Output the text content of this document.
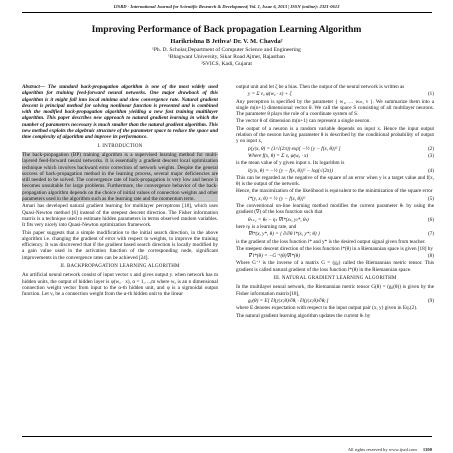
IJSRD - International Journal for Scientific Research & Development| Vol. 1, Issue 6, 2013 | ISSN (online): 2321-0613
Improving Performance of Back propagation Learning Algorithm
Harikrishna B Jethva¹ Dr. V. M. Chavda²
¹Ph. D. Scholar,Department of Computer Science and Engineering
¹Bhagwant University, Sikar Road Ajmer, Rajasthan
²SVICS, Kadi, Gujarat

Abstract— The standard back-propagation algorithm is one of the most widely used algorithm for training feed-forward neural networks. One major drawback of this algorithm is it might fall into local minima and slow convergence rate. Natural gradient descent is principal method for solving nonlinear function is presented and is combined with the modified back-propagation algorithm yielding a new fast training multilayer algorithm. This paper describes new approach to natural gradient learning in which the number of parameters necessary is much smaller than the natural gradient algorithm. This new method exploits the algebraic structure of the parameter space to reduce the space and time complexity of algorithm and improve its performance.

I. INTRODUCTION

The back-propagation (BP) training algorithm is a supervised learning method for multi-layered feed-forward neural networks. It is essentially a gradient descent local optimization technique which involves backward error correction of network weights. Despite the general success of back-propagation method in the learning process, several major deficiencies are still needed to be solved. The convergence rate of back-propagation is very low and hence it becomes unsuitable for large problems. Furthermore, the convergence behavior of the back-propagation algorithm depends on the choice of initial values of connection weights and other parameters used in the algorithm such as the learning rate and the momentum term.

Amari has developed natural gradient learning for multilayer perceptrons [18], which uses Quasi-Newton method [6] instead of the steepest descent direction. The Fisher information matrix is a technique used to estimate hidden parameters in terms observed random variables. It fits very nicely into Quasi-Newton optimization framework.

This paper suggests that a simple modification to the initial search direction, in the above algorithm i.e. changing the gradient of error with respect to weights, to improve the training efficiency. It was discovered that if the gradient based search direction is locally modified by a gain value used in the activation function of the corresponding node, significant improvements in the convergence rates can be achieved [24].

II. BACKPROPAGATION LEARNING ALGORITHM

An artificial neural network consist of input vector x and gives output y. when network has m hidden units, the output of hidden layer is φ(wₐ · x), α = 1,…,m where wₐ is an n dimensional connection weight vector from input to the α-th hidden unit, and φ is a sigmoidal output function. Let vₐ be a connection weight from the α-th hidden unit to the linear

output unit and let ζ be a bias. Then the output of the neural network is written as

y = Σ vₐ φ(wₐ · x) + ζ	(1)

Any perceptron is specified by the parameter { w₁, … wₘ, v }. We summarize them into a single m(n+1) dimensional vector θ. We call the space S consisting of all multilayer neurons. The parameter θ plays the role of a coordinate system of S.

The vector θ of dimension m(n+1) can represent a single neuron.

The output of a neuron is a random variable depends on input x. Hence the input output relation of the neuron having parameter θ is described by the conditional probability of output y on input x,

p(y|x, θ) = (1/√(2π)) exp[ −½ {y − f(x, θ)}² ]	(2)
Where f(x, θ) = Σ vₐ φ(wₐ · x)	(3)

is the mean value of y given input x. Its logarithm is

l(y|x, θ) = −½ {y − f(x, θ)}² − log(√(2π))	(4)

This can be regarded as the negative of the square of an error when y is a target value and f(x, θ) is the output of the network.

Hence, the maximization of the likelihood is equivalent to the minimization of the square error

l*(y, x, θ) = ½ {y − f(x, θ)}²	(5)

The conventional on-line learning method modifies the current parameter θₜ by using the gradient (∇) of the loss function such that

θₜ₊₁ = θₜ − ηₜ ∇l*(xₜ, yₜ*, θₜ)	(6)

here ηₜ is a learning rate, and

∇l*(x, y*, θ) = { ∂/∂θ l*(x, y*; θ) }	(7)

is the gradient of the loss function l* and y* is the desired output signal given from teacher.

The steepest descent direction of the loss function l*(θ) in a Riemannian space is given [18] by

∇̃ l*(θ) = −G⁻¹(θ)∇l*(θ)	(8)

Where G⁻¹ is the inverse of a matrix G = (gᵢⱼ) called the Riemannian metric tensor. This gradient is called natural gradient of the loss function l*(θ) in the Riemannian space.

III. NATURAL GRADIENT LEARNING ALGORITHM

In the multilayer neural network, the Riemannian metric tensor G(θ) = (gᵢⱼ(θ)) is given by the Fisher information matrix[18],

gᵢⱼ(θ) = E[ ∂l(y|x;θ)/∂θᵢ · ∂l(y|x;θ)/∂θⱼ ]	(9)

where E denotes expectation with respect to the input output pair (x, y) given in Eq.(2).

The natural gradient learning algorithm updates the current θₜ by

All rights reserved by www.ijsrd.com 1300
